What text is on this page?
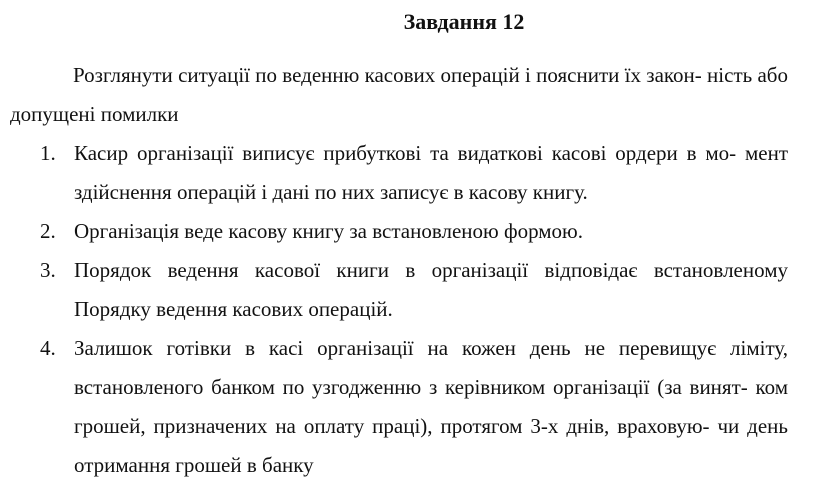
Завдання 12
Розглянути ситуації по веденню касових операцій і пояснити їх закон- ність або допущені помилки
1. Касир організації виписує прибуткові та видаткові касові ордери в мо- мент здійснення операцій і дані по них записує в касову книгу.
2. Організація веде касову книгу за встановленою формою.
3. Порядок ведення касової книги в організації відповідає встановленому Порядку ведення касових операцій.
4. Залишок готівки в касі організації на кожен день не перевищує ліміту, встановленого банком по узгодженню з керівником організації (за винят- ком грошей, призначених на оплату праці), протягом 3-х днів, враховую- чи день отримання грошей в банку
